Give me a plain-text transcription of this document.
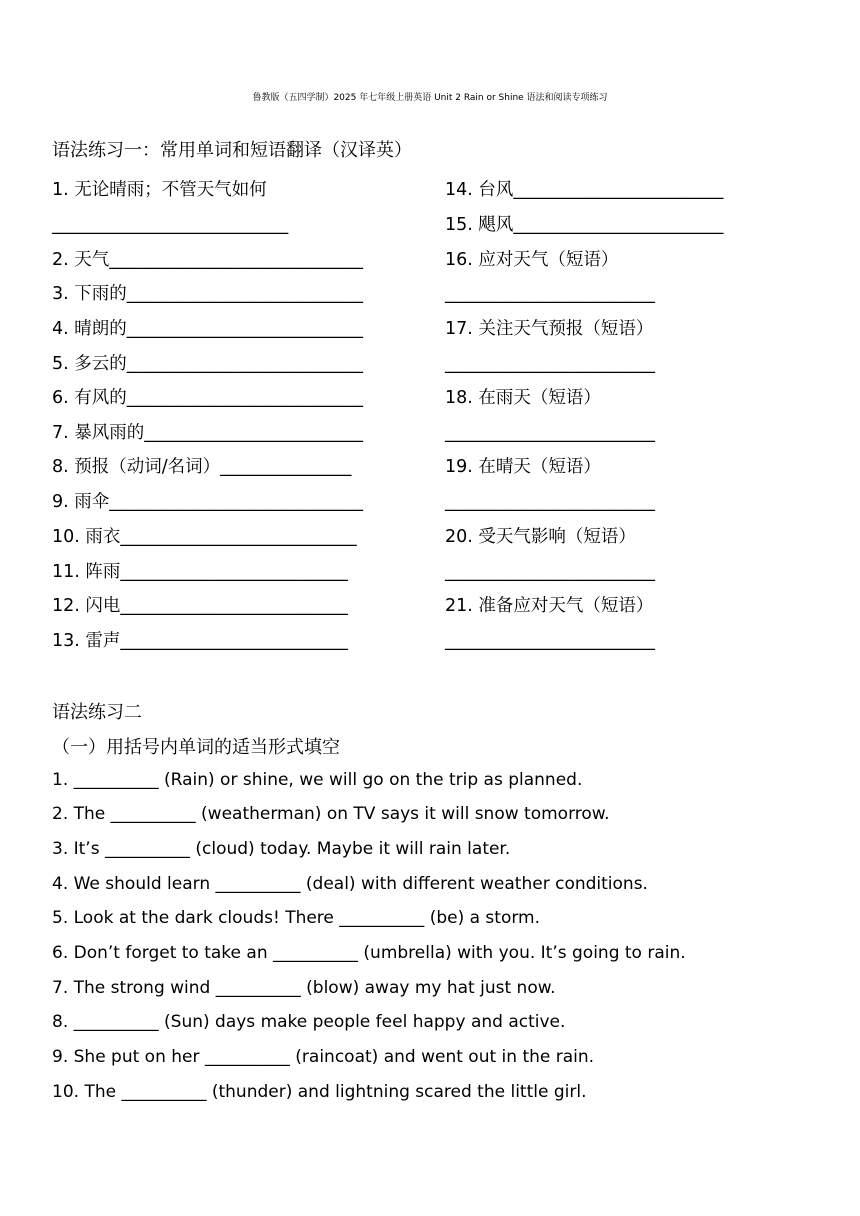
鲁教版（五四学制）2025 年七年级上册英语 Unit 2 Rain or Shine 语法和阅读专项练习
语法练习一：常用单词和短语翻译（汉译英）
1. 无论晴雨；不管天气如何
___________________________
2. 天气_____________________________
3. 下雨的___________________________
4. 晴朗的___________________________
5. 多云的___________________________
6. 有风的___________________________
7. 暴风雨的_________________________
8. 预报（动词/名词）_______________
9. 雨伞_____________________________
10. 雨衣___________________________
11. 阵雨__________________________
12. 闪电__________________________
13. 雷声__________________________
14. 台风________________________
15. 飓风________________________
16. 应对天气（短语）
________________________
17. 关注天气预报（短语）
________________________
18. 在雨天（短语）
________________________
19. 在晴天（短语）
________________________
20. 受天气影响（短语）
________________________
21. 准备应对天气（短语）
________________________
语法练习二
（一）用括号内单词的适当形式填空
1. __________ (Rain) or shine, we will go on the trip as planned.
2. The __________ (weatherman) on TV says it will snow tomorrow.
3. It’s __________ (cloud) today. Maybe it will rain later.
4. We should learn __________ (deal) with different weather conditions.
5. Look at the dark clouds! There __________ (be) a storm.
6. Don’t forget to take an __________ (umbrella) with you. It’s going to rain.
7. The strong wind __________ (blow) away my hat just now.
8. __________ (Sun) days make people feel happy and active.
9. She put on her __________ (raincoat) and went out in the rain.
10. The __________ (thunder) and lightning scared the little girl.
